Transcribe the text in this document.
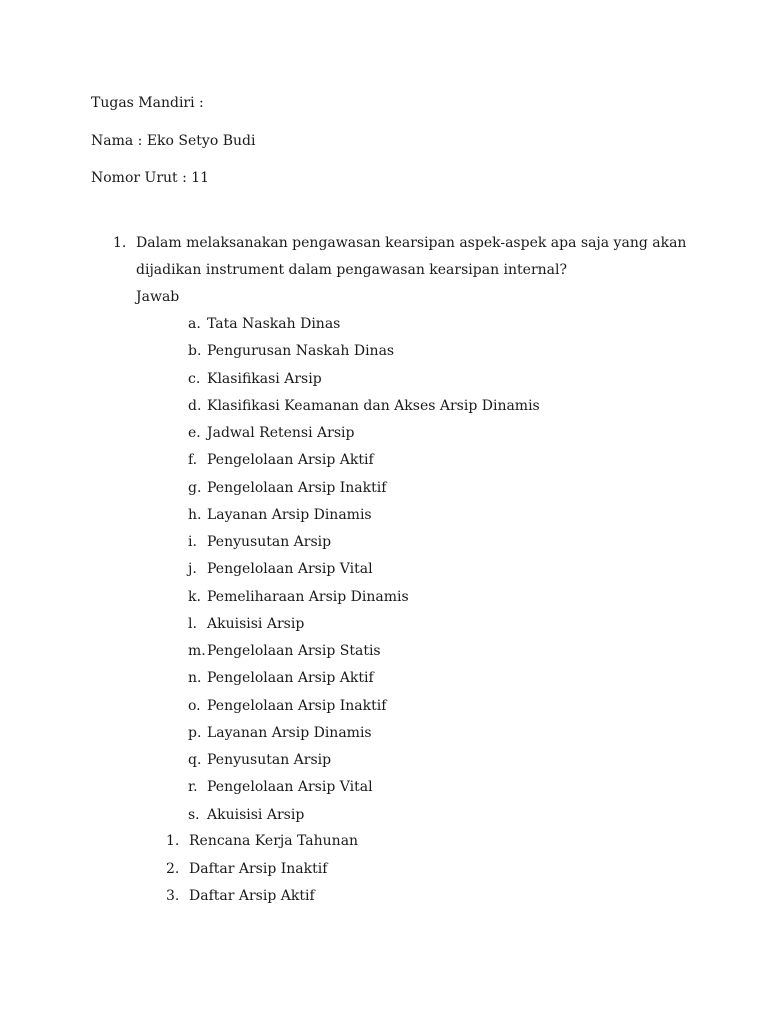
Tugas Mandiri :
Nama : Eko Setyo Budi
Nomor Urut : 11
1. Dalam melaksanakan pengawasan kearsipan aspek-aspek apa saja yang akan
dijadikan instrument dalam pengawasan kearsipan internal?
Jawab
a. Tata Naskah Dinas
b. Pengurusan Naskah Dinas
c. Klasifikasi Arsip
d. Klasifikasi Keamanan dan Akses Arsip Dinamis
e. Jadwal Retensi Arsip
f. Pengelolaan Arsip Aktif
g. Pengelolaan Arsip Inaktif
h. Layanan Arsip Dinamis
i. Penyusutan Arsip
j. Pengelolaan Arsip Vital
k. Pemeliharaan Arsip Dinamis
l. Akuisisi Arsip
m.Pengelolaan Arsip Statis
n. Pengelolaan Arsip Aktif
o. Pengelolaan Arsip Inaktif
p. Layanan Arsip Dinamis
q. Penyusutan Arsip
r. Pengelolaan Arsip Vital
s. Akuisisi Arsip
1. Rencana Kerja Tahunan
2. Daftar Arsip Inaktif
3. Daftar Arsip Aktif
